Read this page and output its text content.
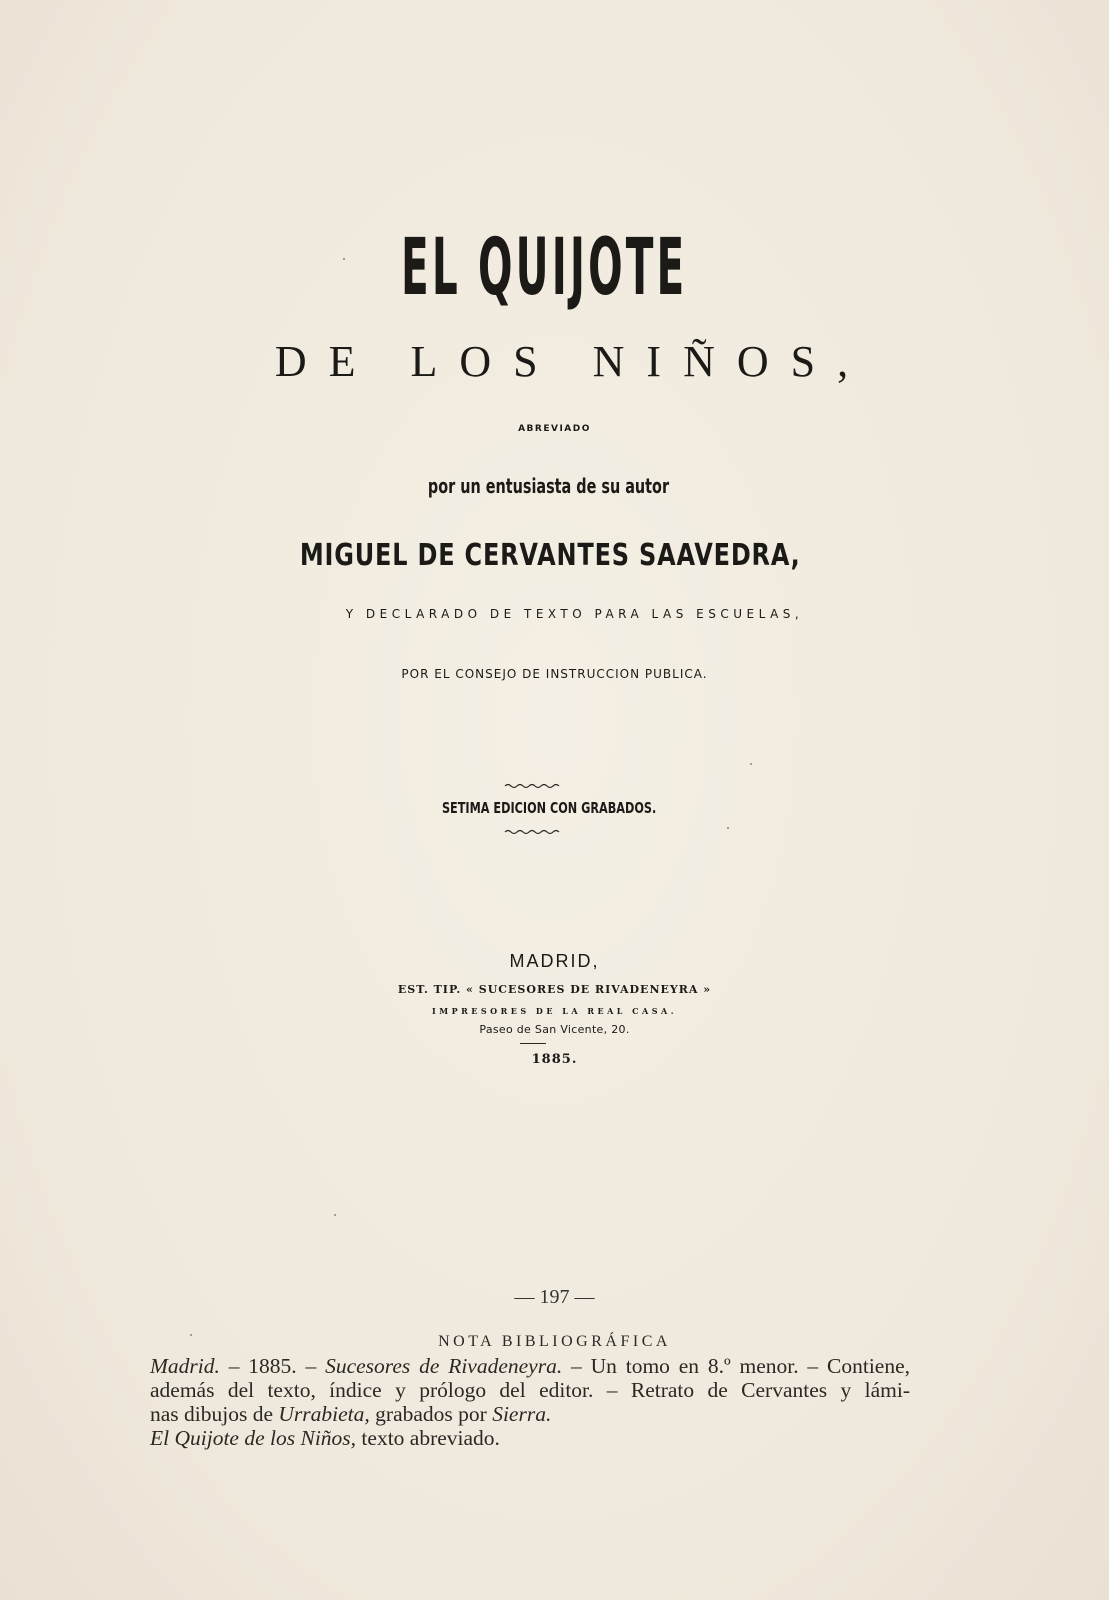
EL QUIJOTE
DE LOS NIÑOS,
ABREVIADO
por un entusiasta de su autor
MIGUEL DE CERVANTES SAAVEDRA,
Y DECLARADO DE TEXTO PARA LAS ESCUELAS,
POR EL CONSEJO DE INSTRUCCION PUBLICA.
SETIMA EDICION CON GRABADOS.
MADRID,
EST. TIP. « SUCESORES DE RIVADENEYRA »
IMPRESORES DE LA REAL CASA.
Paseo de San Vicente, 20.
1885.
— 197 —
NOTA BIBLIOGRÁFICA

Madrid. – 1885. – Sucesores de Rivadeneyra. – Un tomo en 8.º menor. – Contiene,

además del texto, índice y prólogo del editor. – Retrato de Cervantes y lámi-

nas dibujos de Urrabieta, grabados por Sierra.

El Quijote de los Niños, texto abreviado.
